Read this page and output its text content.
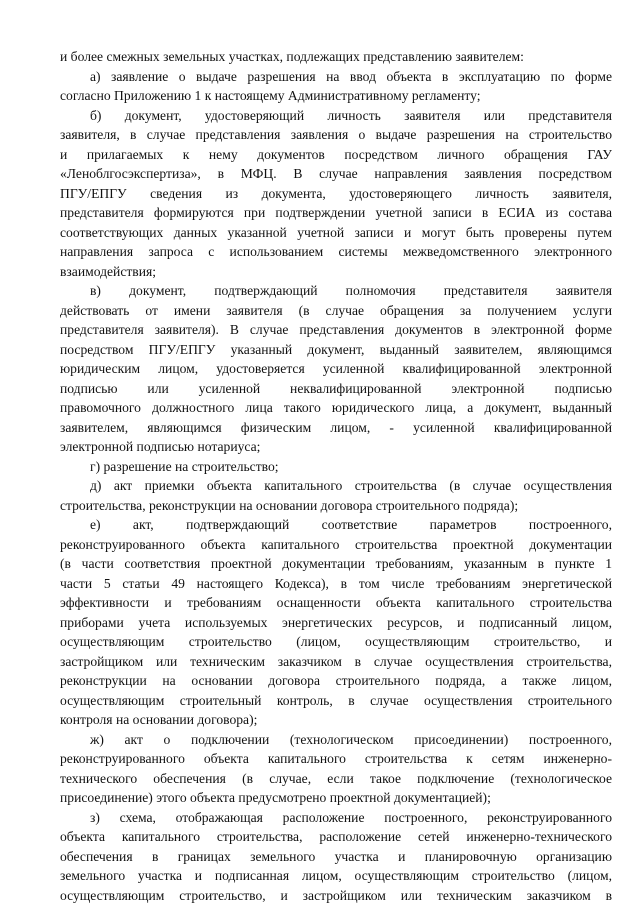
и более смежных земельных участках, подлежащих представлению заявителем:
а) заявление о выдаче разрешения на ввод объекта в эксплуатацию по форме
согласно Приложению 1 к настоящему Административному регламенту;
б) документ, удостоверяющий личность заявителя или представителя
заявителя, в случае представления заявления о выдаче разрешения на строительство
и прилагаемых к нему документов посредством личного обращения ГАУ
«Леноблгосэкспертиза», в МФЦ. В случае направления заявления посредством
ПГУ/ЕПГУ сведения из документа, удостоверяющего личность заявителя,
представителя формируются при подтверждении учетной записи в ЕСИА из состава
соответствующих данных указанной учетной записи и могут быть проверены путем
направления запроса с использованием системы межведомственного электронного
взаимодействия;
в) документ, подтверждающий полномочия представителя заявителя
действовать от имени заявителя (в случае обращения за получением услуги
представителя заявителя). В случае представления документов в электронной форме
посредством ПГУ/ЕПГУ указанный документ, выданный заявителем, являющимся
юридическим лицом, удостоверяется усиленной квалифицированной электронной
подписью или усиленной неквалифицированной электронной подписью
правомочного должностного лица такого юридического лица, а документ, выданный
заявителем, являющимся физическим лицом, - усиленной квалифицированной
электронной подписью нотариуса;
г) разрешение на строительство;
д) акт приемки объекта капитального строительства (в случае осуществления
строительства, реконструкции на основании договора строительного подряда);
е) акт, подтверждающий соответствие параметров построенного,
реконструированного объекта капитального строительства проектной документации
(в части соответствия проектной документации требованиям, указанным в пункте 1
части 5 статьи 49 настоящего Кодекса), в том числе требованиям энергетической
эффективности и требованиям оснащенности объекта капитального строительства
приборами учета используемых энергетических ресурсов, и подписанный лицом,
осуществляющим строительство (лицом, осуществляющим строительство, и
застройщиком или техническим заказчиком в случае осуществления строительства,
реконструкции на основании договора строительного подряда, а также лицом,
осуществляющим строительный контроль, в случае осуществления строительного
контроля на основании договора);
ж) акт о подключении (технологическом присоединении) построенного,
реконструированного объекта капитального строительства к сетям инженерно-
технического обеспечения (в случае, если такое подключение (технологическое
присоединение) этого объекта предусмотрено проектной документацией);
з) схема, отображающая расположение построенного, реконструированного
объекта капитального строительства, расположение сетей инженерно-технического
обеспечения в границах земельного участка и планировочную организацию
земельного участка и подписанная лицом, осуществляющим строительство (лицом,
осуществляющим строительство, и застройщиком или техническим заказчиком в
